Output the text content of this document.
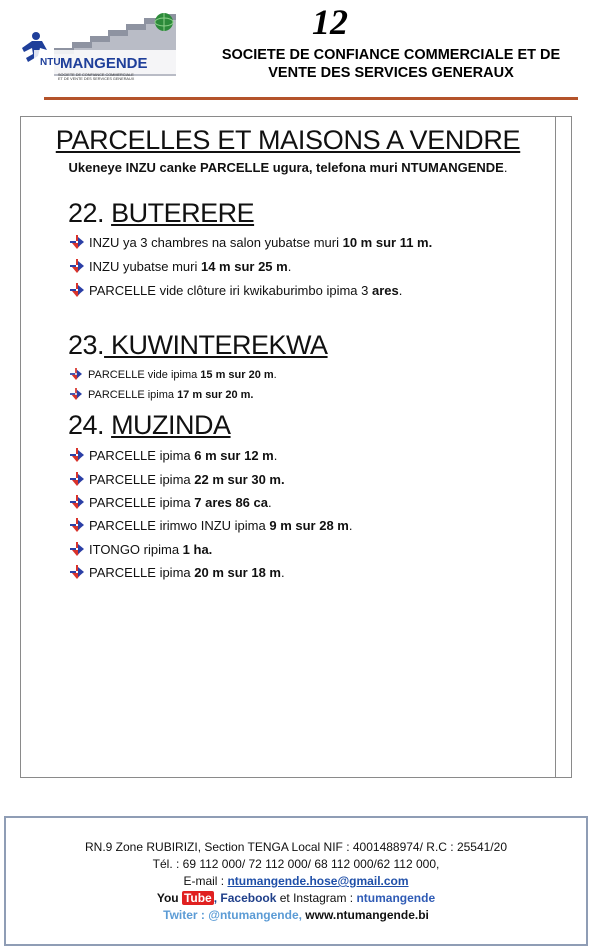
NTU MANGENDE
SOCIETE DE CONFIANCE COMMERCIALE
ET DE VENTE DES SERVICES GENERAUX
12
SOCIETE DE CONFIANCE COMMERCIALE ET DE
VENTE DES SERVICES GENERAUX
PARCELLES ET MAISONS A VENDRE
Ukeneye INZU canke PARCELLE ugura, telefona muri NTUMANGENDE.
22. BUTERERE
INZU ya 3 chambres na salon yubatse muri 10 m sur 11 m.
INZU yubatse muri 14 m sur 25 m.
PARCELLE vide clôture iri kwikaburimbo ipima 3 ares.
23. KUWINTEREKWA
PARCELLE vide ipima 15 m sur 20 m.
PARCELLE ipima 17 m sur 20 m.
24. MUZINDA
PARCELLE ipima 6 m sur 12 m.
PARCELLE ipima 22 m sur 30 m.
PARCELLE ipima 7 ares 86 ca.
PARCELLE irimwo INZU ipima 9 m sur 28 m.
ITONGO ripima 1 ha.
PARCELLE ipima 20 m sur 18 m.
RN.9 Zone RUBIRIZI, Section TENGA Local NIF : 4001488974/ R.C : 25541/20
Tél. : 69 112 000/ 72 112 000/ 68 112 000/62 112 000,
E-mail : ntumangende.hose@gmail.com
You Tube , Facebook et Instagram : ntumangende
Twiter : @ntumangende, www.ntumangende.bi
